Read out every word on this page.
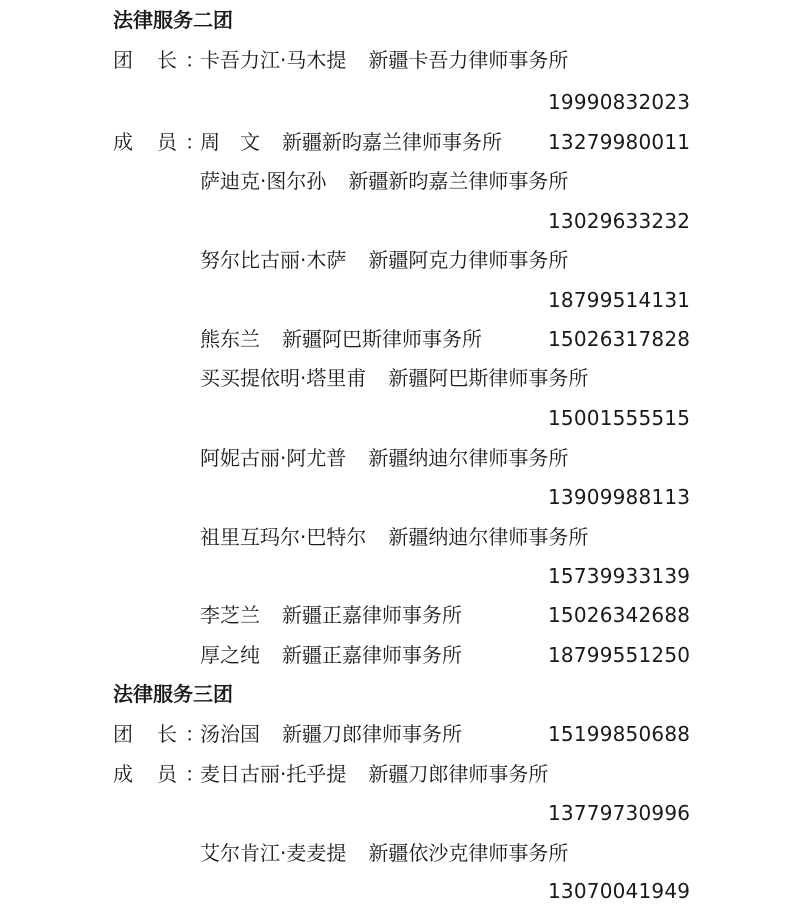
法律服务二团
团 长 ：
卡吾力江·马木提 新疆卡吾力律师事务所
19990832023
成 员 ：
周　文 新疆新昀嘉兰律师事务所 13279980011
萨迪克·图尔孙 新疆新昀嘉兰律师事务所
13029633232
努尔比古丽·木萨 新疆阿克力律师事务所
18799514131
熊东兰 新疆阿巴斯律师事务所	15026317828
买买提依明·塔里甫 新疆阿巴斯律师事务所
15001555515
阿妮古丽·阿尤普 新疆纳迪尔律师事务所
13909988113
祖里互玛尔·巴特尔 新疆纳迪尔律师事务所
15739933139
李芝兰 新疆正嘉律师事务所	15026342688
厚之纯 新疆正嘉律师事务所	18799551250
法律服务三团
团 长 ：
汤治国 新疆刀郎律师事务所	15199850688
成 员 ：
麦日古丽·托乎提 新疆刀郎律师事务所
13779730996
艾尔肯江·麦麦提 新疆依沙克律师事务所
13070041949
